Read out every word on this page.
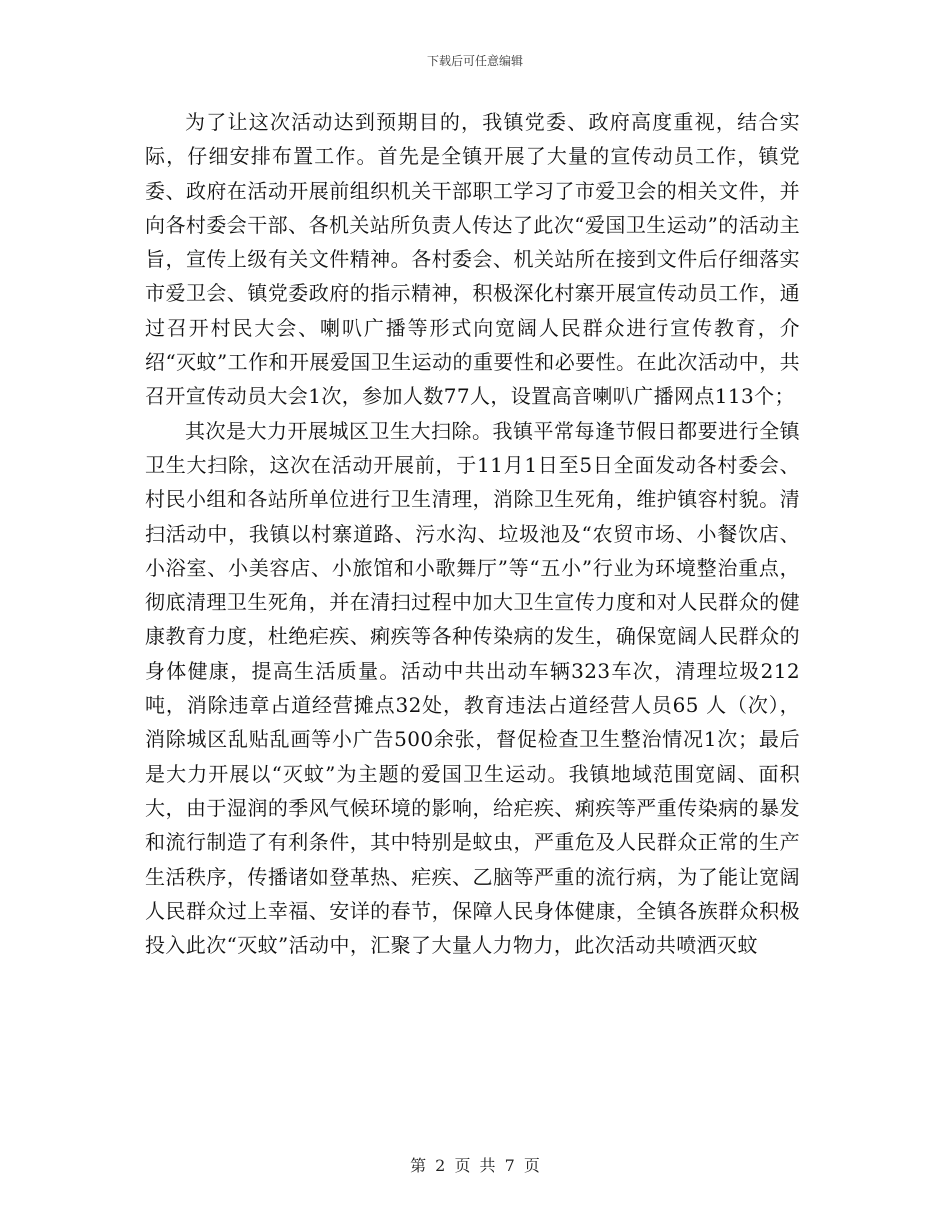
下载后可任意编辑

为了让这次活动达到预期目的，我镇党委、政府高度重视，结合实际，仔细安排布置工作。首先是全镇开展了大量的宣传动员工作，镇党委、政府在活动开展前组织机关干部职工学习了市爱卫会的相关文件，并向各村委会干部、各机关站所负责人传达了此次“爱国卫生运动”的活动主旨，宣传上级有关文件精神。各村委会、机关站所在接到文件后仔细落实市爱卫会、镇党委政府的指示精神，积极深化村寨开展宣传动员工作，通过召开村民大会、喇叭广播等形式向宽阔人民群众进行宣传教育，介绍“灭蚊”工作和开展爱国卫生运动的重要性和必要性。在此次活动中，共召开宣传动员大会1次，参加人数77人，设置高音喇叭广播网点113个；

其次是大力开展城区卫生大扫除。我镇平常每逢节假日都要进行全镇卫生大扫除，这次在活动开展前，于11月1日至5日全面发动各村委会、村民小组和各站所单位进行卫生清理，消除卫生死角，维护镇容村貌。清扫活动中，我镇以村寨道路、污水沟、垃圾池及“农贸市场、小餐饮店、小浴室、小美容店、小旅馆和小歌舞厅”等“五小”行业为环境整治重点，彻底清理卫生死角，并在清扫过程中加大卫生宣传力度和对人民群众的健康教育力度，杜绝疟疾、痢疾等各种传染病的发生，确保宽阔人民群众的身体健康，提高生活质量。活动中共出动车辆323车次，清理垃圾212吨，消除违章占道经营摊点32处，教育违法占道经营人员65 人（次），消除城区乱贴乱画等小广告500余张，督促检查卫生整治情况1次；最后是大力开展以“灭蚊”为主题的爱国卫生运动。我镇地域范围宽阔、面积大，由于湿润的季风气候环境的影响，给疟疾、痢疾等严重传染病的暴发和流行制造了有利条件，其中特别是蚊虫，严重危及人民群众正常的生产生活秩序，传播诸如登革热、疟疾、乙脑等严重的流行病，为了能让宽阔人民群众过上幸福、安详的春节，保障人民身体健康，全镇各族群众积极投入此次“灭蚊”活动中，汇聚了大量人力物力，此次活动共喷洒灭蚊

第 2 页 共 7 页
